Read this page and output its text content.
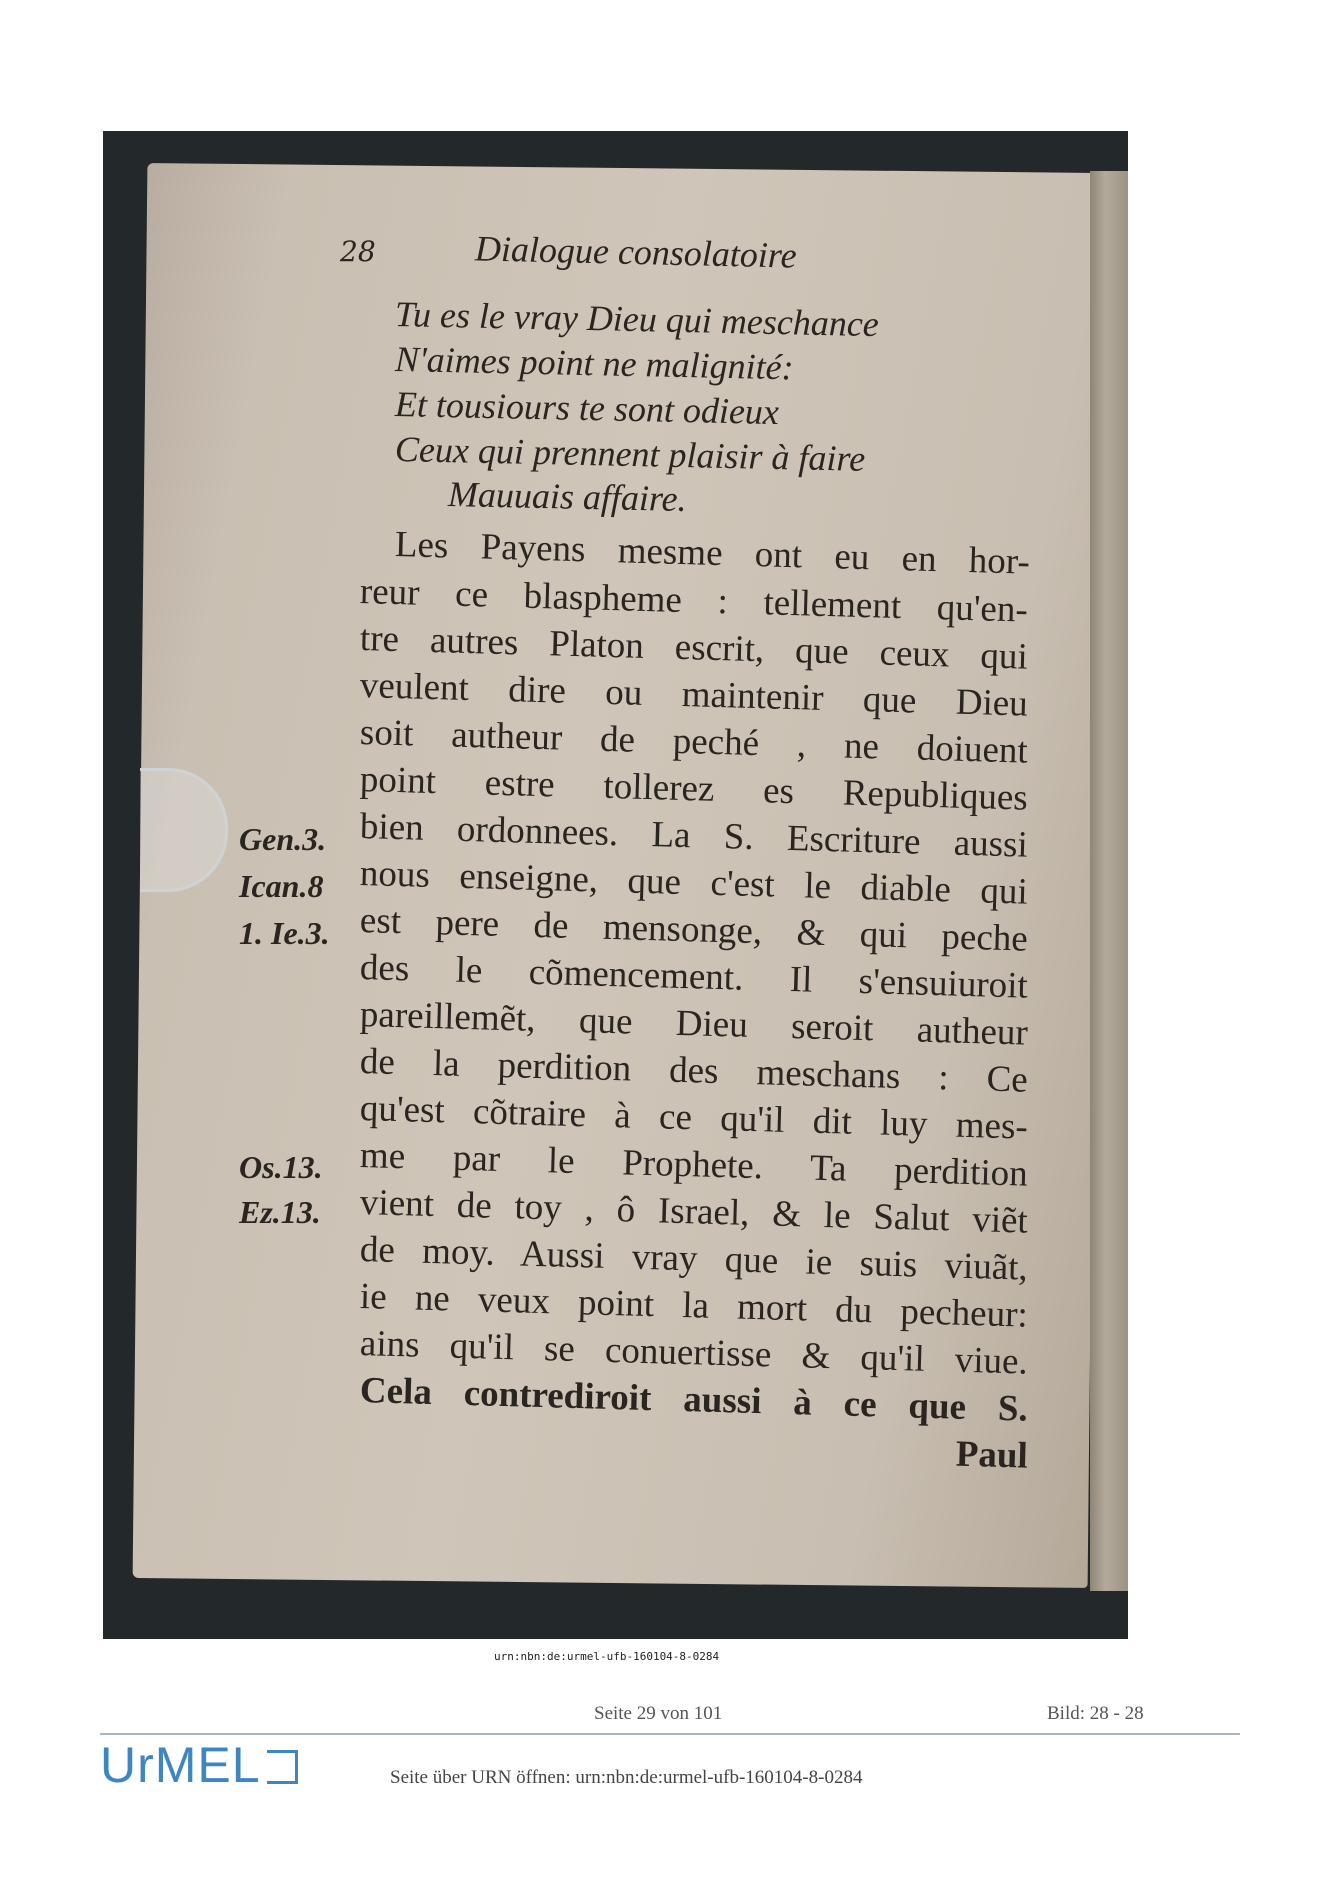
28	Dialogue consolatoire
Tu es le vray Dieu qui meschance
N'aimes point ne malignité:
Et tousiours te sont odieux
Ceux qui prennent plaisir à faire
Mauuais affaire.
Les Payens mesme ont eu en hor-
reur ce blaspheme : tellement qu'en-
tre autres Platon escrit, que ceux qui
veulent dire ou maintenir que Dieu
soit autheur de peché , ne doiuent
point estre tollerez es Republiques
bien ordonnees. La S. Escriture aussi
nous enseigne, que c'est le diable qui
est pere de mensonge, & qui peche
des le cõmencement. Il s'ensuiuroit
pareillemẽt, que Dieu seroit autheur
de la perdition des meschans : Ce
qu'est cõtraire à ce qu'il dit luy mes-
me par le Prophete. Ta perdition
vient de toy , ô Israel, & le Salut viẽt
de moy. Aussi vray que ie suis viuãt,
ie ne veux point la mort du pecheur:
ains qu'il se conuertisse & qu'il viue.
Cela contrediroit aussi à ce que S.
Paul
Gen.3.
Ican.8
1. Ie.3.
Os.13.
Ez.13.
urn:nbn:de:urmel-ufb-160104-8-0284
Seite 29 von 101	Bild: 28 - 28
UrMEL	Seite über URN öffnen: urn:nbn:de:urmel-ufb-160104-8-0284
